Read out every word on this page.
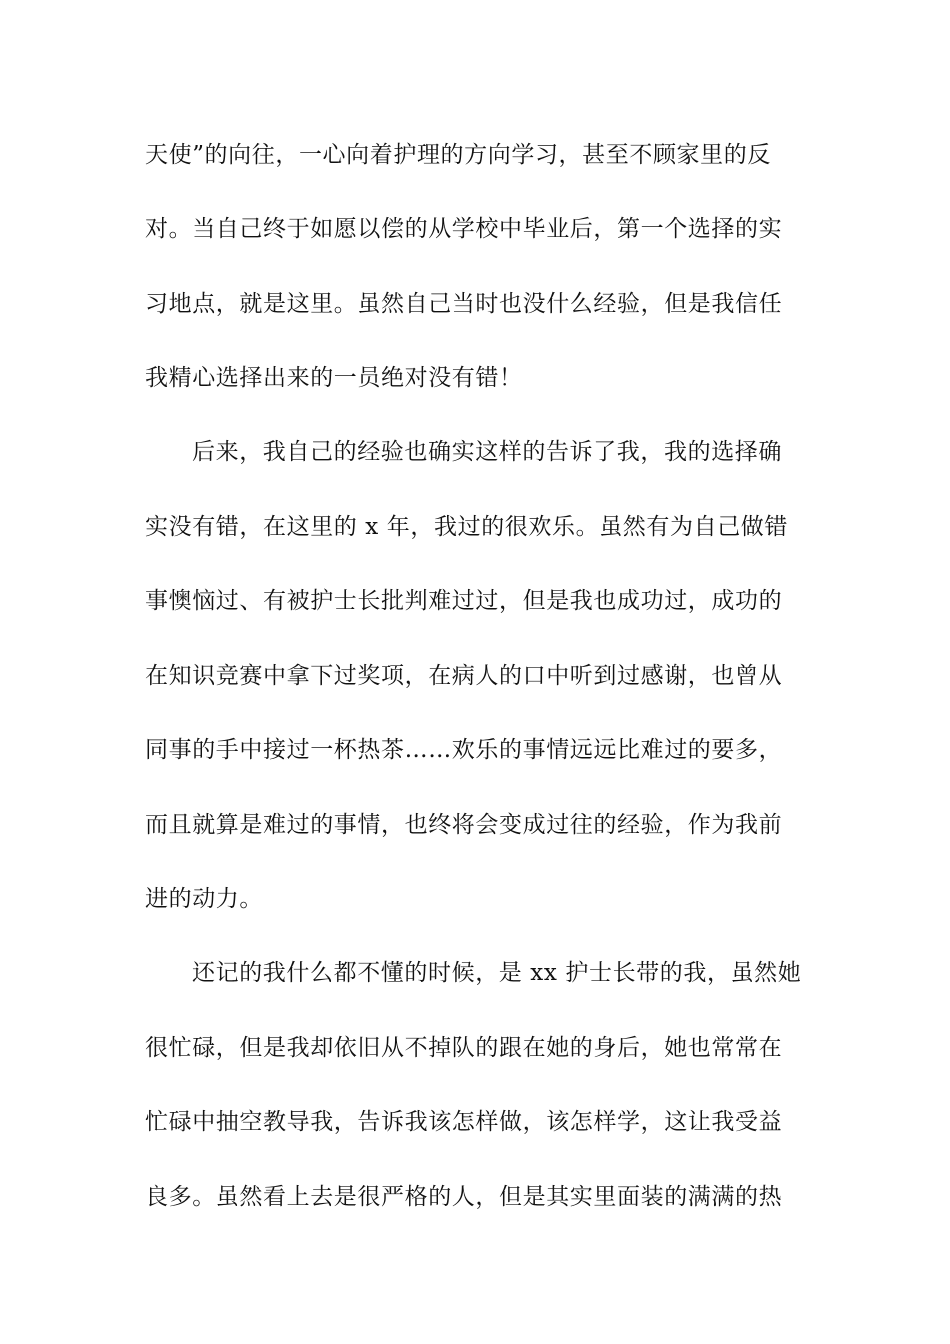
天使”的向往，一心向着护理的方向学习，甚至不顾家里的反
对。当自己终于如愿以偿的从学校中毕业后，第一个选择的实
习地点，就是这里。虽然自己当时也没什么经验，但是我信任
我精心选择出来的一员绝对没有错！
后来，我自己的经验也确实这样的告诉了我，我的选择确
实没有错，在这里的 x 年，我过的很欢乐。虽然有为自己做错
事懊恼过、有被护士长批判难过过，但是我也成功过，成功的
在知识竞赛中拿下过奖项，在病人的口中听到过感谢，也曾从
同事的手中接过一杯热茶……欢乐的事情远远比难过的要多，
而且就算是难过的事情，也终将会变成过往的经验，作为我前
进的动力。
还记的我什么都不懂的时候，是 xx 护士长带的我，虽然她
很忙碌，但是我却依旧从不掉队的跟在她的身后，她也常常在
忙碌中抽空教导我，告诉我该怎样做，该怎样学，这让我受益
良多。虽然看上去是很严格的人，但是其实里面装的满满的热
